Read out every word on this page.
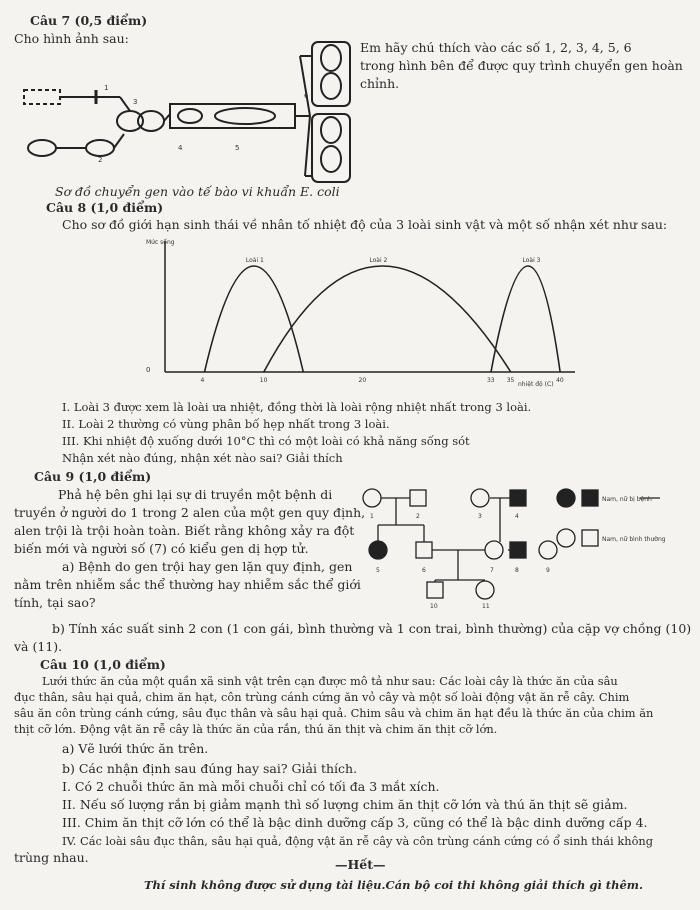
Câu 7 (0,5 điểm)
Cho hình ảnh sau:
Em hãy chú thích vào các số 1, 2, 3, 4, 5, 6
trong hình bên để được quy trình chuyển gen hoàn
chỉnh.
1
2
3
4	5
6
Sơ đồ chuyển gen vào tế bào vi khuẩn E. coli
Câu 8 (1,0 điểm)
Cho sơ đồ giới hạn sinh thái về nhân tố nhiệt độ của 3 loài sinh vật và một số nhận xét như sau:
Mức sống
nhiệt độ (C)
0
Loài 1	Loài 2	Loài 3
4	10	20	33 35	40
I. Loài 3 được xem là loài ưa nhiệt, đồng thời là loài rộng nhiệt nhất trong 3 loài.
II. Loài 2 thường có vùng phân bố hẹp nhất trong 3 loài.
III. Khi nhiệt độ xuống dưới 10°C thì có một loài có khả năng sống sót
Nhận xét nào đúng, nhận xét nào sai? Giải thích
Câu 9 (1,0 điểm)
Phả hệ bên ghi lại sự di truyền một bệnh di
truyền ở người do 1 trong 2 alen của một gen quy định,
alen trội là trội hoàn toàn. Biết rằng không xảy ra đột
biến mới và người số (7) có kiểu gen dị hợp tử.
a) Bệnh do gen trội hay gen lặn quy định, gen
nằm trên nhiễm sắc thể thường hay nhiễm sắc thể giới
tính, tại sao?
Nam, nữ bị bệnh
Nam, nữ bình thường
1	2	3	4
5	6	7	8	9
10	11
b) Tính xác suất sinh 2 con (1 con gái, bình thường và 1 con trai, bình thường) của cặp vợ chồng (10)
và (11).
Câu 10 (1,0 điểm)
Lưới thức ăn của một quần xã sinh vật trên cạn được mô tả như sau: Các loài cây là thức ăn của sâu
đục thân, sâu hại quả, chim ăn hạt, côn trùng cánh cứng ăn vỏ cây và một số loài động vật ăn rễ cây. Chim
sâu ăn côn trùng cánh cứng, sâu đục thân và sâu hại quả. Chim sâu và chim ăn hạt đều là thức ăn của chim ăn
thịt cỡ lớn. Động vật ăn rễ cây là thức ăn của rắn, thú ăn thịt và chim ăn thịt cỡ lớn.
a) Vẽ lưới thức ăn trên.
b) Các nhận định sau đúng hay sai? Giải thích.
I. Có 2 chuỗi thức ăn mà mỗi chuỗi chỉ có tối đa 3 mắt xích.
II. Nếu số lượng rắn bị giảm mạnh thì số lượng chim ăn thịt cỡ lớn và thú ăn thịt sẽ giảm.
III. Chim ăn thịt cỡ lớn có thể là bậc dinh dưỡng cấp 3, cũng có thể là bậc dinh dưỡng cấp 4.
IV. Các loài sâu đục thân, sâu hại quả, động vật ăn rễ cây và côn trùng cánh cứng có ổ sinh thái không
trùng nhau.	—Hết—
Thí sinh không được sử dụng tài liệu.Cán bộ coi thi không giải thích gì thêm.
